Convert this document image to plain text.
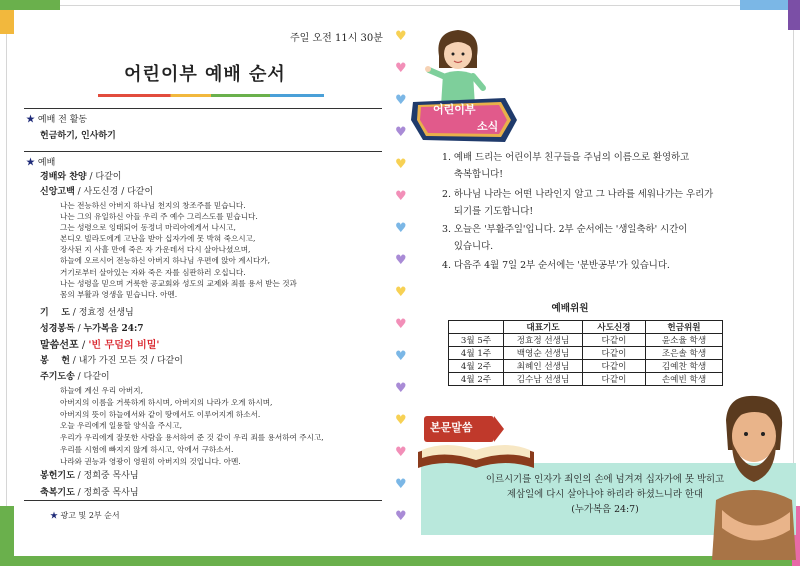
주일 오전 11시 30분
어린이부 예배 순서
★ 예배 전 활동
헌금하기, 인사하기
★ 예배
경배와 찬양 / 다같이
신앙고백 / 사도신경 / 다같이
나는 전능하신 아버지 하나님 천지의 창조주를 믿습니다.
나는 그의 유일하신 아들 우리 주 예수 그리스도를 믿습니다.
그는 성령으로 잉태되어 동정녀 마리아에게서 나시고,
본디오 빌라도에게 고난을 받아 십자가에 못 박혀 죽으시고,
장사된 지 사흘 만에 죽은 자 가운데서 다시 살아나셨으며,
하늘에 오르시어 전능하신 아버지 하나님 우편에 앉아 계시다가,
거기로부터 살아있는 자와 죽은 자를 심판하러 오십니다.
나는 성령을 믿으며 거룩한 공교회와 성도의 교제와 죄를 용서 받는 것과
몸의 부활과 영생을 믿습니다. 아멘.
기    도 / 정효정 선생님
성경봉독 / 누가복음 24:7
말씀선포 / '빈 무덤의 비밀'
봉    헌 / 내가 가진 모든 것 / 다같이
주기도송 / 다같이
하늘에 계신 우리 아버지,
아버지의 이름을 거룩하게 하시며, 아버지의 나라가 오게 하시며,
아버지의 뜻이 하늘에서와 같이 땅에서도 이루어지게 하소서.
오늘 우리에게 일용할 양식을 주시고,
우리가 우리에게 잘못한 사람을 용서하여 준 것 같이 우리 죄를 용서하여 주시고,
우리를 시험에 빠지지 않게 하시고, 악에서 구하소서.
나라와 권능과 영광이 영원히 아버지의 것입니다. 아멘.
봉헌기도 / 정희중 목사님
축복기도 / 정희중 목사님
★ 광고 및 2부 순서
♥
♥
♥
♥
♥
♥
♥
♥
♥
♥
♥
♥
♥
♥
♥
♥
어린이부
소식
1. 예배 드리는 어린이부 친구들을 주님의 이름으로 환영하고
축복합니다!
2. 하나님 나라는 어떤 나라인지 알고 그 나라를 세워나가는 우리가
되기를 기도합니다!
3. 오늘은 '부활주일'입니다. 2부 순서에는 '생일축하' 시간이
있습니다.
4. 다음주 4월 7일 2부 순서에는 '분반공부'가 있습니다.
예배위원
	대표기도	사도신경	헌금위원
3월 5주	정효정 선생님	다같이	윤소율 학생
4월 1주	백영순 선생님	다같이	조은솔 학생
4월 2주	최혜인 선생님	다같이	김예찬 학생
4월 2주	김수남 선생님	다같이	손예빈 학생
본문말씀
이르시기를 인자가 죄인의 손에 넘겨져 십자가에 못 박히고
제삼일에 다시 살아나야 하리라 하셨느니라 한대
(누가복음 24:7)
